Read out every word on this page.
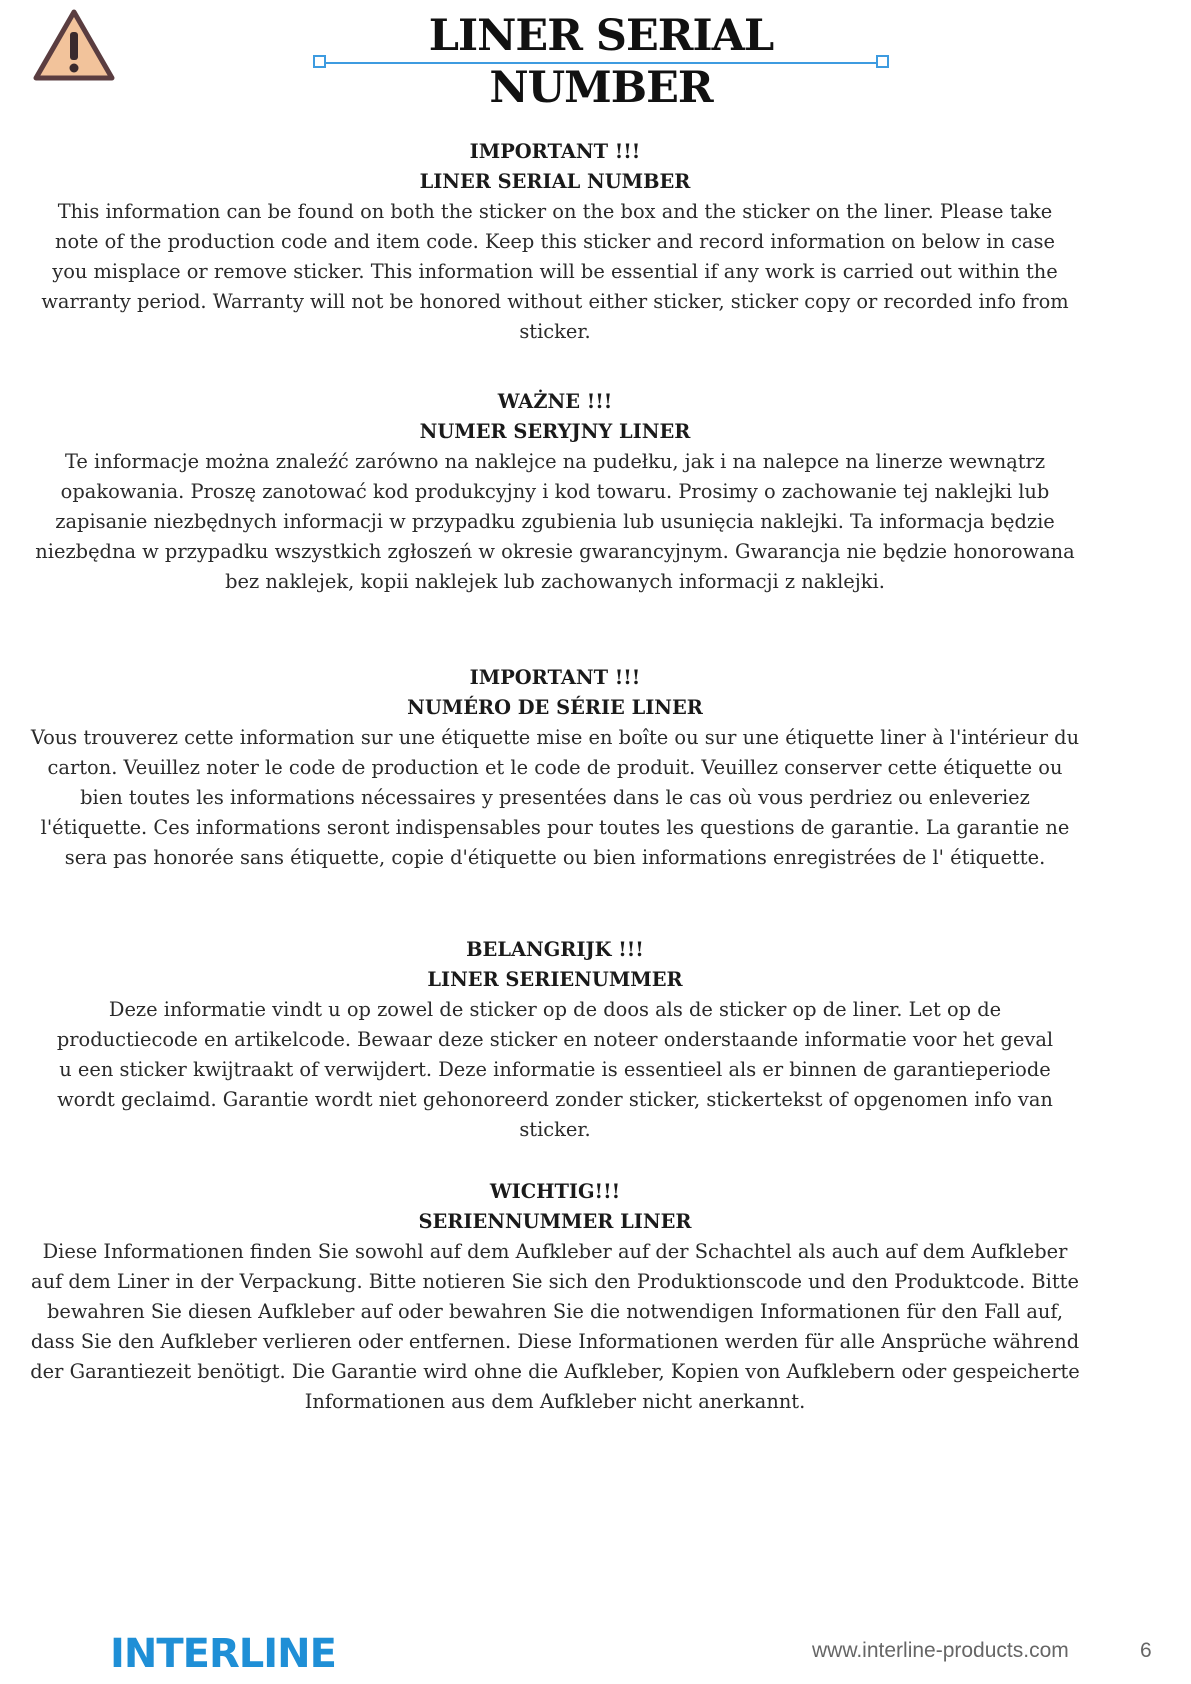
LINER SERIAL NUMBER

IMPORTANT !!!

LINER SERIAL NUMBER

This information can be found on both the sticker on the box and the sticker on the liner. Please take note of the production code and item code. Keep this sticker and record information on below in case you misplace or remove sticker. This information will be essential if any work is carried out within the warranty period. Warranty will not be honored without either sticker, sticker copy or recorded info from sticker.

WAŻNE !!!

NUMER SERYJNY LINER

Te informacje można znaleźć zarówno na naklejce na pudełku, jak i na nalepce na linerze wewnątrz opakowania. Proszę zanotować kod produkcyjny i kod towaru. Prosimy o zachowanie tej naklejki lub zapisanie niezbędnych informacji w przypadku zgubienia lub usunięcia naklejki. Ta informacja będzie niezbędna w przypadku wszystkich zgłoszeń w okresie gwarancyjnym. Gwarancja nie będzie honorowana bez naklejek, kopii naklejek lub zachowanych informacji z naklejki.

IMPORTANT !!!

NUMÉRO DE SÉRIE LINER

Vous trouverez cette information sur une étiquette mise en boîte ou sur une étiquette liner à l'intérieur du carton. Veuillez noter le code de production et le code de produit. Veuillez conserver cette étiquette ou bien toutes les informations nécessaires y presentées dans le cas où vous perdriez ou enleveriez l'étiquette. Ces informations seront indispensables pour toutes les questions de garantie. La garantie ne sera pas honorée sans étiquette, copie d'étiquette ou bien informations enregistrées de l' étiquette.

BELANGRIJK !!!

LINER SERIENUMMER

Deze informatie vindt u op zowel de sticker op de doos als de sticker op de liner. Let op de productiecode en artikelcode. Bewaar deze sticker en noteer onderstaande informatie voor het geval u een sticker kwijtraakt of verwijdert. Deze informatie is essentieel als er binnen de garantieperiode wordt geclaimd. Garantie wordt niet gehonoreerd zonder sticker, stickertekst of opgenomen info van sticker.

WICHTIG!!!

SERIENNUMMER LINER

Diese Informationen finden Sie sowohl auf dem Aufkleber auf der Schachtel als auch auf dem Aufkleber auf dem Liner in der Verpackung. Bitte notieren Sie sich den Produktionscode und den Produktcode. Bitte bewahren Sie diesen Aufkleber auf oder bewahren Sie die notwendigen Informationen für den Fall auf, dass Sie den Aufkleber verlieren oder entfernen. Diese Informationen werden für alle Ansprüche während der Garantiezeit benötigt. Die Garantie wird ohne die Aufkleber, Kopien von Aufklebern oder gespeicherte Informationen aus dem Aufkleber nicht anerkannt.

INTERLINE	www.interline-products.com	6
